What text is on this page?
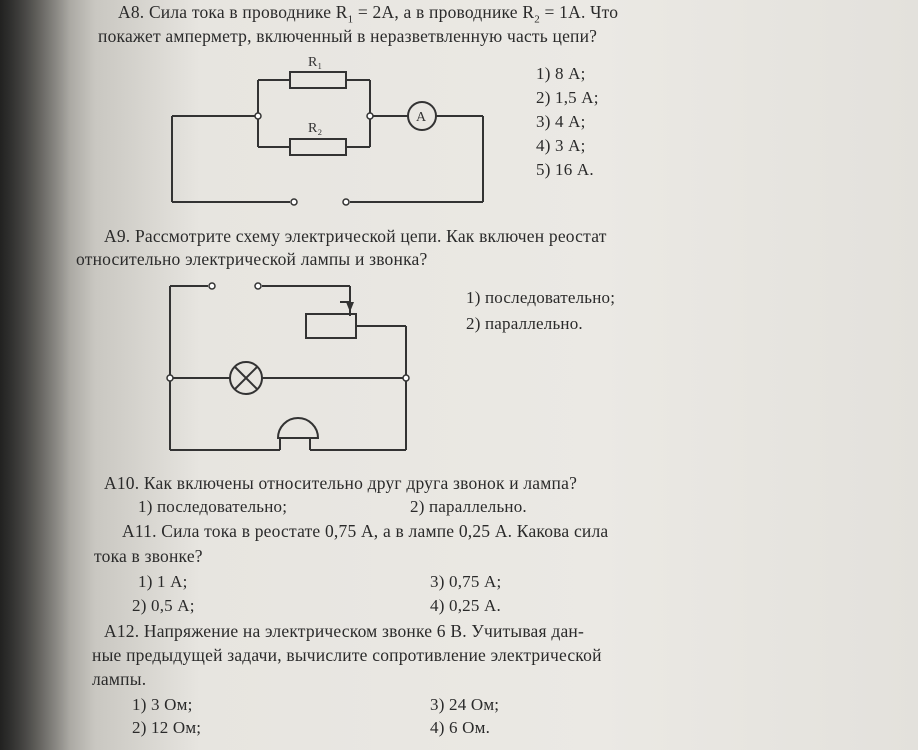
A8. Сила тока в проводнике $R_1 = 2A$, а в проводнике $R_2 = 1A$. Что
покажет амперметр, включенный в неразветвленную часть цепи?
R₁
R₂
A
1) 8 А;
2) 1,5 А;
3) 4 А;
4) 3 А;
5) 16 А.
A9. Рассмотрите схему электрической цепи. Как включен реостат
относительно электрической лампы и звонка?
1) последовательно;
2) параллельно.
A10. Как включены относительно друг друга звонок и лампа?
1) последовательно;	2) параллельно.
A11. Сила тока в реостате 0,75 А, а в лампе 0,25 А. Какова сила
тока в звонке?
1) 1 А;	3) 0,75 А;
2) 0,5 А;	4) 0,25 А.
A12. Напряжение на электрическом звонке 6 В. Учитывая дан-
ные предыдущей задачи, вычислите сопротивление электрической
лампы.
1) 3 Ом;	3) 24 Ом;
2) 12 Ом;	4) 6 Ом.
